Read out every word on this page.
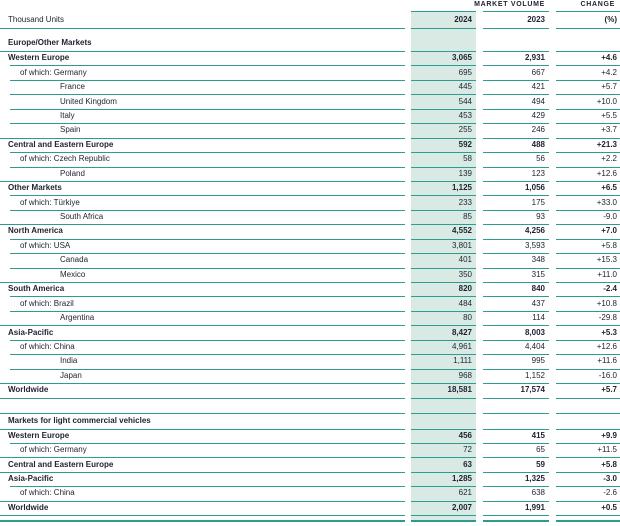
MARKET VOLUME	CHANGE
Thousand Units	2024	2023	(%)
Europe/Other Markets
Western Europe	3,065	2,931	+4.6
of which: Germany	695	667	+4.2
France	445	421	+5.7
United Kingdom	544	494	+10.0
Italy	453	429	+5.5
Spain	255	246	+3.7
Central and Eastern Europe	592	488	+21.3
of which: Czech Republic	58	56	+2.2
Poland	139	123	+12.6
Other Markets	1,125	1,056	+6.5
of which: Türkiye	233	175	+33.0
South Africa	85	93	-9.0
North America	4,552	4,256	+7.0
of which: USA	3,801	3,593	+5.8
Canada	401	348	+15.3
Mexico	350	315	+11.0
South America	820	840	-2.4
of which: Brazil	484	437	+10.8
Argentina	80	114	-29.8
Asia-Pacific	8,427	8,003	+5.3
of which: China	4,961	4,404	+12.6
India	1,111	995	+11.6
Japan	968	1,152	-16.0
Worldwide	18,581	17,574	+5.7
Markets for light commercial vehicles
Western Europe	456	415	+9.9
of which: Germany	72	65	+11.5
Central and Eastern Europe	63	59	+5.8
Asia-Pacific	1,285	1,325	-3.0
of which: China	621	638	-2.6
Worldwide	2,007	1,991	+0.5
